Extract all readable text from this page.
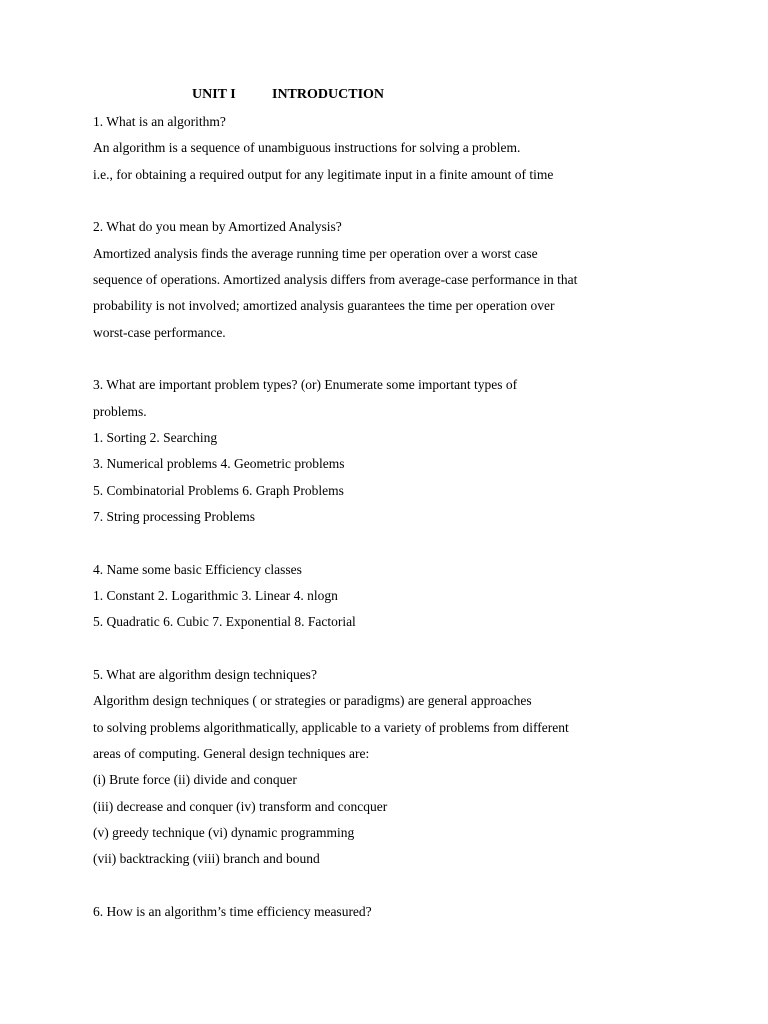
UNIT I	INTRODUCTION
1. What is an algorithm?
An algorithm is a sequence of unambiguous instructions for solving a problem.
i.e., for obtaining a required output for any legitimate input in a finite amount of time
2. What do you mean by Amortized Analysis?
Amortized analysis finds the average running time per operation over a worst case
sequence of operations. Amortized analysis differs from average-case performance in that
probability is not involved; amortized analysis guarantees the time per operation over
worst-case performance.
3. What are important problem types? (or) Enumerate some important types of
problems.
1. Sorting 2. Searching
3. Numerical problems 4. Geometric problems
5. Combinatorial Problems 6. Graph Problems
7. String processing Problems
4. Name some basic Efficiency classes
1. Constant 2. Logarithmic 3. Linear 4. nlogn
5. Quadratic 6. Cubic 7. Exponential 8. Factorial
5. What are algorithm design techniques?
Algorithm design techniques ( or strategies or paradigms) are general approaches
to solving problems algorithmatically, applicable to a variety of problems from different
areas of computing. General design techniques are:
(i) Brute force (ii) divide and conquer
(iii) decrease and conquer (iv) transform and concquer
(v) greedy technique (vi) dynamic programming
(vii) backtracking (viii) branch and bound
6. How is an algorithm’s time efficiency measured?
